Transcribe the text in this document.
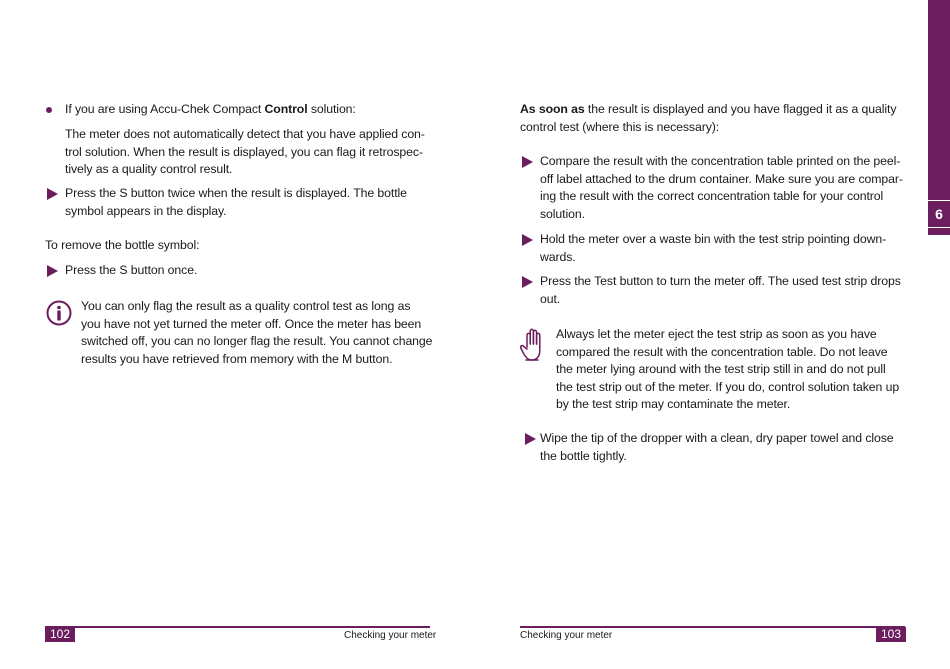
If you are using Accu-Chek Compact Control solution:
The meter does not automatically detect that you have applied con-
trol solution. When the result is displayed, you can flag it retrospec-
tively as a quality control result.
Press the S button twice when the result is displayed. The bottle
symbol appears in the display.
To remove the bottle symbol:
Press the S button once.
You can only flag the result as a quality control test as long as
you have not yet turned the meter off. Once the meter has been
switched off, you can no longer flag the result. You cannot change
results you have retrieved from memory with the M button.
102	Checking your meter
As soon as the result is displayed and you have flagged it as a quality
control test (where this is necessary):
Compare the result with the concentration table printed on the peel-
off label attached to the drum container. Make sure you are compar-
ing the result with the correct concentration table for your control
solution.
Hold the meter over a waste bin with the test strip pointing down-
wards.
Press the Test button to turn the meter off. The used test strip drops
out.
Always let the meter eject the test strip as soon as you have
compared the result with the concentration table. Do not leave
the meter lying around with the test strip still in and do not pull
the test strip out of the meter. If you do, control solution taken up
by the test strip may contaminate the meter.
Wipe the tip of the dropper with a clean, dry paper towel and close
the bottle tightly.
Checking your meter	103
6
